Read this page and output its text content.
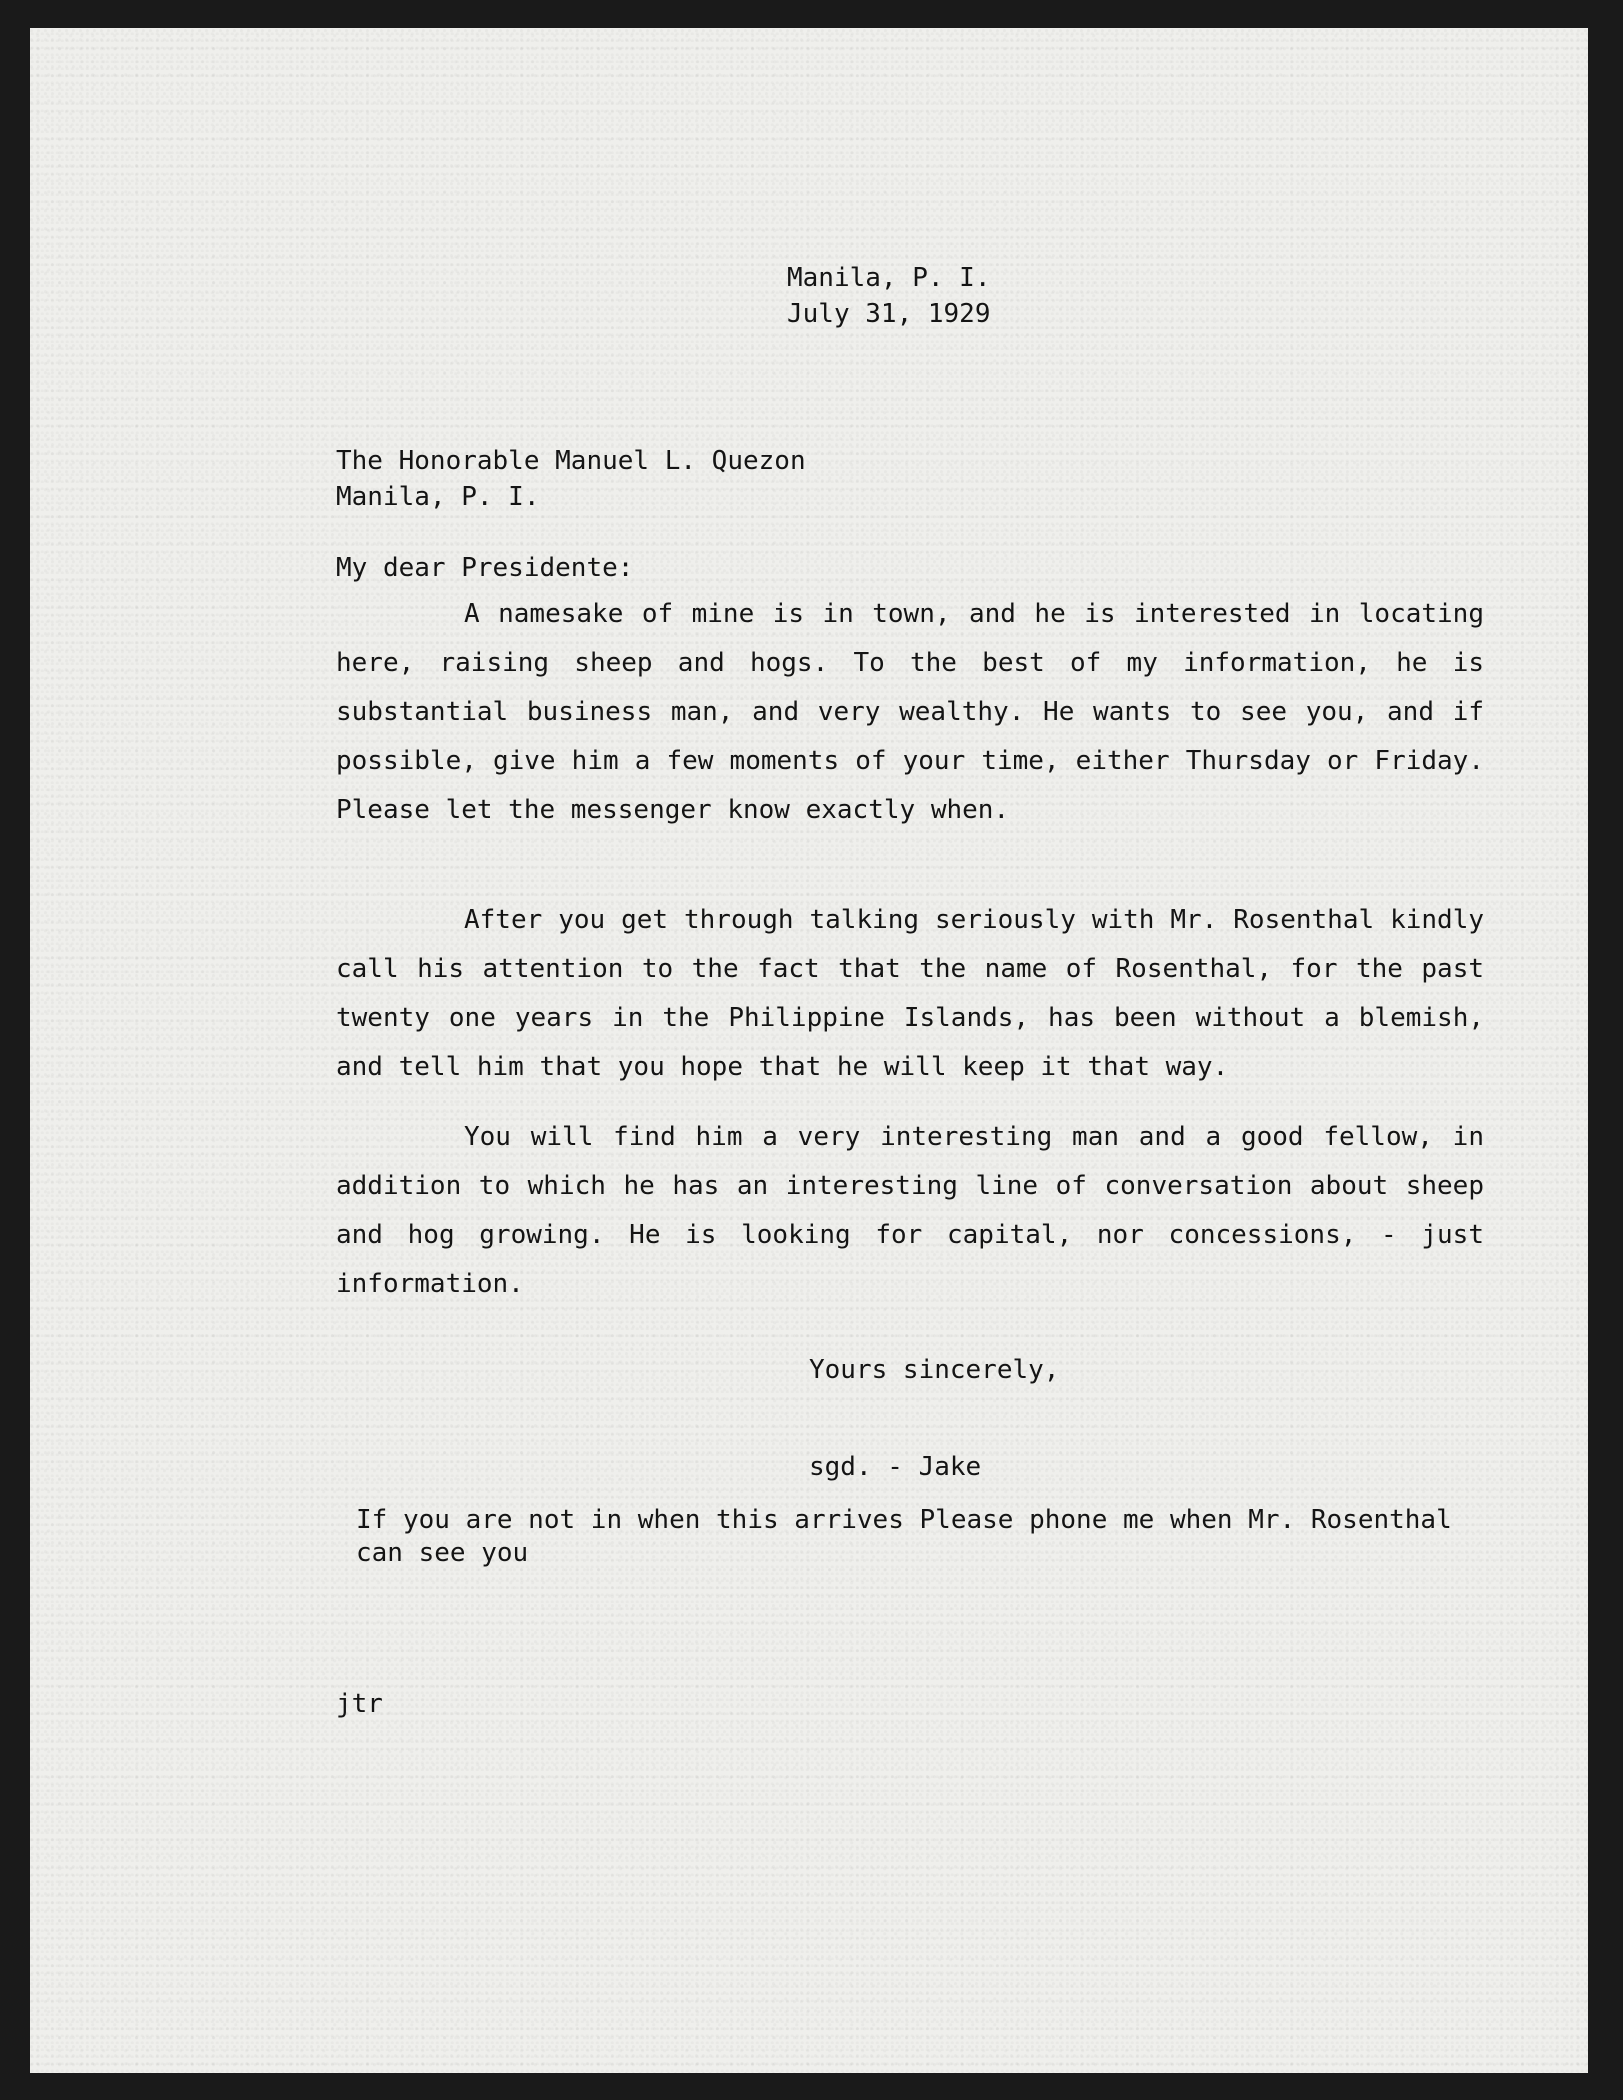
Manila, P. I.
July 31, 1929
The Honorable Manuel L. Quezon
Manila, P. I.
My dear Presidente:
A namesake of mine is in town, and he is interested in locating here, raising sheep and hogs. To the best of my information, he is substantial business man, and very wealthy. He wants to see you, and if possible, give him a few moments of your time, either Thursday or Friday. Please let the messenger know exactly when.
After you get through talking seriously with Mr. Rosenthal kindly call his attention to the fact that the name of Rosenthal, for the past twenty one years in the Philippine Islands, has been without a blemish, and tell him that you hope that he will keep it that way.
You will find him a very interesting man and a good fellow, in addition to which he has an interesting line of conversation about sheep and hog growing. He is looking for capital, nor concessions, - just information.
Yours sincerely,
sgd. - Jake
If you are not in when this arrives Please phone me when Mr. Rosenthal can see you
jtr
